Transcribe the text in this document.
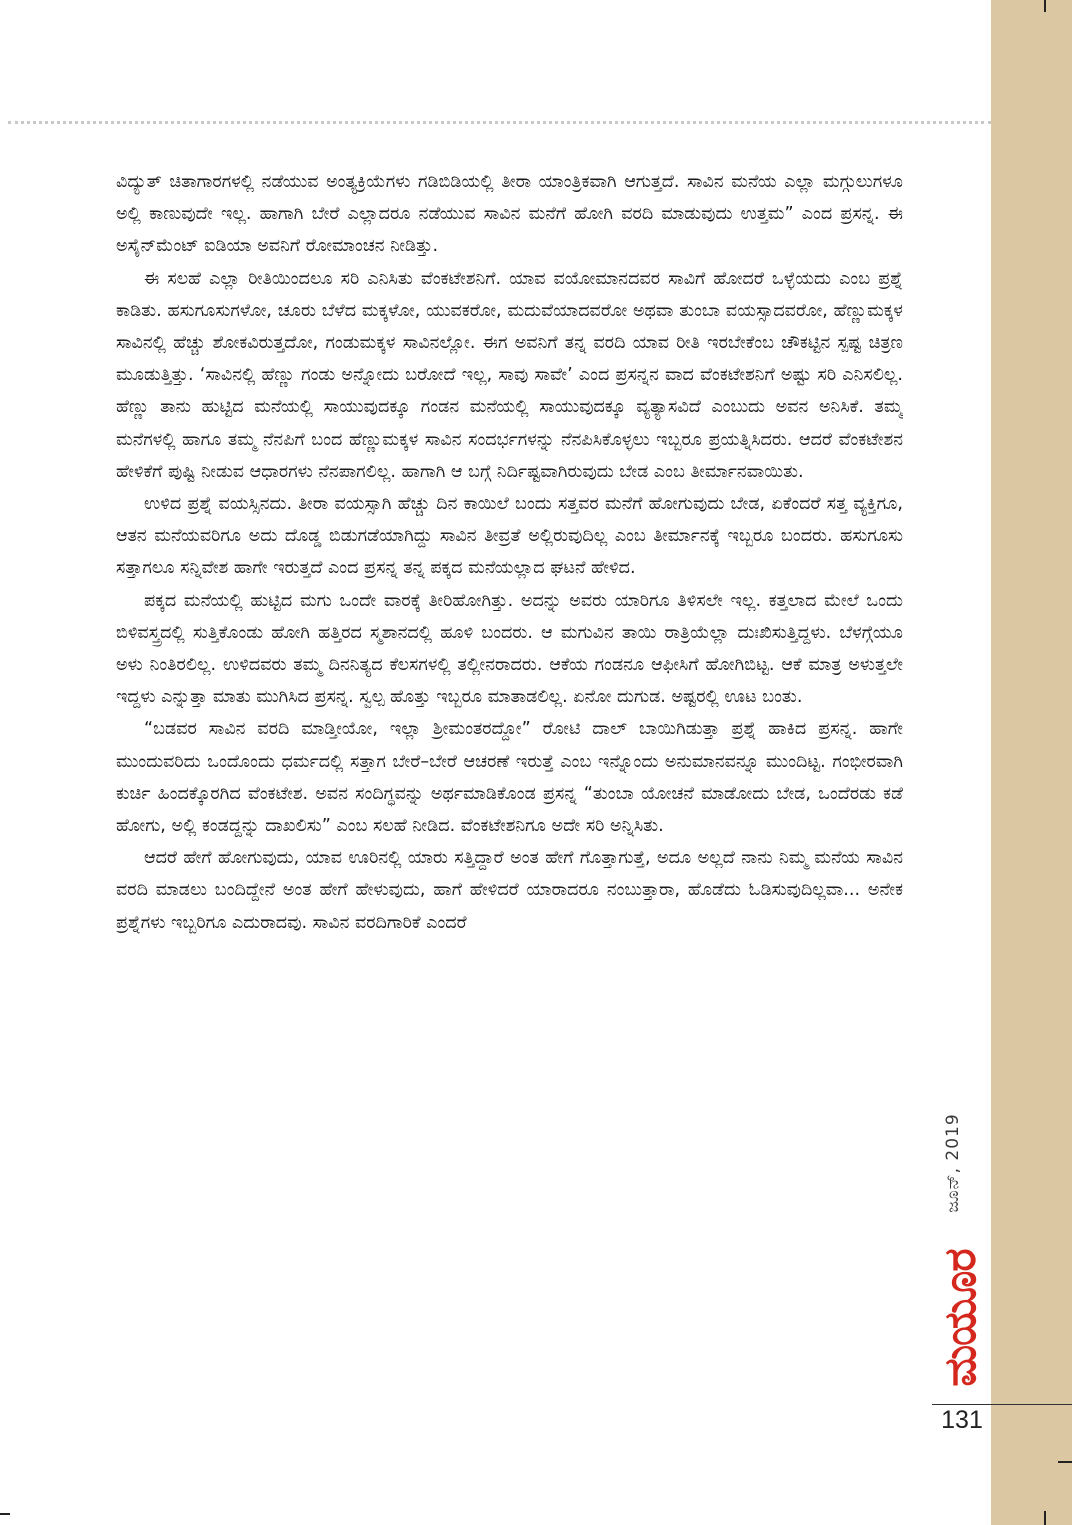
ವಿದ್ಯುತ್ ಚಿತಾಗಾರಗಳಲ್ಲಿ ನಡೆಯುವ ಅಂತ್ಯಕ್ರಿಯೆಗಳು ಗಡಿಬಿಡಿಯಲ್ಲಿ ತೀರಾ ಯಾಂತ್ರಿಕವಾಗಿ ಆಗುತ್ತದೆ. ಸಾವಿನ ಮನೆಯ ಎಲ್ಲಾ ಮಗ್ಗುಲುಗಳೂ ಅಲ್ಲಿ ಕಾಣುವುದೇ ಇಲ್ಲ. ಹಾಗಾಗಿ ಬೇರೆ ಎಲ್ಲಾದರೂ ನಡೆಯುವ ಸಾವಿನ ಮನೆಗೆ ಹೋಗಿ ವರದಿ ಮಾಡುವುದು ಉತ್ತಮ” ಎಂದ ಪ್ರಸನ್ನ. ಈ ಅಸೈನ್‌ಮೆಂಟ್ ಐಡಿಯಾ ಅವನಿಗೆ ರೋಮಾಂಚನ ನೀಡಿತ್ತು.

ಈ ಸಲಹೆ ಎಲ್ಲಾ ರೀತಿಯಿಂದಲೂ ಸರಿ ಎನಿಸಿತು ವೆಂಕಟೇಶನಿಗೆ. ಯಾವ ವಯೋಮಾನದವರ ಸಾವಿಗೆ ಹೋದರೆ ಒಳ್ಳೆಯದು ಎಂಬ ಪ್ರಶ್ನೆ ಕಾಡಿತು. ಹಸುಗೂಸುಗಳೋ, ಚೂರು ಬೆಳೆದ ಮಕ್ಕಳೋ, ಯುವಕರೋ, ಮದುವೆಯಾದವರೋ ಅಥವಾ ತುಂಬಾ ವಯಸ್ಸಾದವರೋ, ಹೆಣ್ಣುಮಕ್ಕಳ ಸಾವಿನಲ್ಲಿ ಹೆಚ್ಚು ಶೋಕವಿರುತ್ತದೋ, ಗಂಡುಮಕ್ಕಳ ಸಾವಿನಲ್ಲೋ. ಈಗ ಅವನಿಗೆ ತನ್ನ ವರದಿ ಯಾವ ರೀತಿ ಇರಬೇಕೆಂಬ ಚೌಕಟ್ಟಿನ ಸ್ಪಷ್ಟ ಚಿತ್ರಣ ಮೂಡುತ್ತಿತ್ತು. ‘ಸಾವಿನಲ್ಲಿ ಹೆಣ್ಣು ಗಂಡು ಅನ್ನೋದು ಬರೋದೆ ಇಲ್ಲ, ಸಾವು ಸಾವೇ’ ಎಂದ ಪ್ರಸನ್ನನ ವಾದ ವೆಂಕಟೇಶನಿಗೆ ಅಷ್ಟು ಸರಿ ಎನಿಸಲಿಲ್ಲ. ಹೆಣ್ಣು ತಾನು ಹುಟ್ಟಿದ ಮನೆಯಲ್ಲಿ ಸಾಯುವುದಕ್ಕೂ ಗಂಡನ ಮನೆಯಲ್ಲಿ ಸಾಯುವುದಕ್ಕೂ ವ್ಯತ್ಯಾಸವಿದೆ ಎಂಬುದು ಅವನ ಅನಿಸಿಕೆ. ತಮ್ಮ ಮನೆಗಳಲ್ಲಿ ಹಾಗೂ ತಮ್ಮ ನೆನಪಿಗೆ ಬಂದ ಹೆಣ್ಣುಮಕ್ಕಳ ಸಾವಿನ ಸಂದರ್ಭಗಳನ್ನು ನೆನಪಿಸಿಕೊಳ್ಳಲು ಇಬ್ಬರೂ ಪ್ರಯತ್ನಿಸಿದರು. ಆದರೆ ವೆಂಕಟೇಶನ ಹೇಳಿಕೆಗೆ ಪುಷ್ಟಿ ನೀಡುವ ಆಧಾರಗಳು ನೆನಪಾಗಲಿಲ್ಲ. ಹಾಗಾಗಿ ಆ ಬಗ್ಗೆ ನಿರ್ದಿಷ್ಟವಾಗಿರುವುದು ಬೇಡ ಎಂಬ ತೀರ್ಮಾನವಾಯಿತು.

ಉಳಿದ ಪ್ರಶ್ನೆ ವಯಸ್ಸಿನದು. ತೀರಾ ವಯಸ್ಸಾಗಿ ಹೆಚ್ಚು ದಿನ ಕಾಯಿಲೆ ಬಂದು ಸತ್ತವರ ಮನೆಗೆ ಹೋಗುವುದು ಬೇಡ, ಏಕೆಂದರೆ ಸತ್ತ ವ್ಯಕ್ತಿಗೂ, ಆತನ ಮನೆಯವರಿಗೂ ಅದು ದೊಡ್ಡ ಬಿಡುಗಡೆಯಾಗಿದ್ದು ಸಾವಿನ ತೀವ್ರತೆ ಅಲ್ಲಿರುವುದಿಲ್ಲ ಎಂಬ ತೀರ್ಮಾನಕ್ಕೆ ಇಬ್ಬರೂ ಬಂದರು. ಹಸುಗೂಸು ಸತ್ತಾಗಲೂ ಸನ್ನಿವೇಶ ಹಾಗೇ ಇರುತ್ತದೆ ಎಂದ ಪ್ರಸನ್ನ ತನ್ನ ಪಕ್ಕದ ಮನೆಯಲ್ಲಾದ ಘಟನೆ ಹೇಳಿದ.

ಪಕ್ಕದ ಮನೆಯಲ್ಲಿ ಹುಟ್ಟಿದ ಮಗು ಒಂದೇ ವಾರಕ್ಕೆ ತೀರಿಹೋಗಿತ್ತು. ಅದನ್ನು ಅವರು ಯಾರಿಗೂ ತಿಳಿಸಲೇ ಇಲ್ಲ. ಕತ್ತಲಾದ ಮೇಲೆ ಒಂದು ಬಿಳಿವಸ್ತ್ರದಲ್ಲಿ ಸುತ್ತಿಕೊಂಡು ಹೋಗಿ ಹತ್ತಿರದ ಸ್ಮಶಾನದಲ್ಲಿ ಹೂಳಿ ಬಂದರು. ಆ ಮಗುವಿನ ತಾಯಿ ರಾತ್ರಿಯೆಲ್ಲಾ ದುಃಖಿಸುತ್ತಿದ್ದಳು. ಬೆಳಗ್ಗೆಯೂ ಅಳು ನಿಂತಿರಲಿಲ್ಲ. ಉಳಿದವರು ತಮ್ಮ ದಿನನಿತ್ಯದ ಕೆಲಸಗಳಲ್ಲಿ ತಲ್ಲೀನರಾದರು. ಆಕೆಯ ಗಂಡನೂ ಆಫೀಸಿಗೆ ಹೋಗಿಬಿಟ್ಟ. ಆಕೆ ಮಾತ್ರ ಅಳುತ್ತಲೇ ಇದ್ದಳು ಎನ್ನುತ್ತಾ ಮಾತು ಮುಗಿಸಿದ ಪ್ರಸನ್ನ. ಸ್ವಲ್ಪ ಹೊತ್ತು ಇಬ್ಬರೂ ಮಾತಾಡಲಿಲ್ಲ. ಏನೋ ದುಗುಡ. ಅಷ್ಟರಲ್ಲಿ ಊಟ ಬಂತು.

“ಬಡವರ ಸಾವಿನ ವರದಿ ಮಾಡ್ತೀಯೋ, ಇಲ್ಲಾ ಶ್ರೀಮಂತರದ್ದೋ” ರೋಟಿ ದಾಲ್ ಬಾಯಿಗಿಡುತ್ತಾ ಪ್ರಶ್ನೆ ಹಾಕಿದ ಪ್ರಸನ್ನ. ಹಾಗೇ ಮುಂದುವರಿದು ಒಂದೊಂದು ಧರ್ಮದಲ್ಲಿ ಸತ್ತಾಗ ಬೇರೆ–ಬೇರೆ ಆಚರಣೆ ಇರುತ್ತೆ ಎಂಬ ಇನ್ನೊಂದು ಅನುಮಾನವನ್ನೂ ಮುಂದಿಟ್ಟ. ಗಂಭೀರವಾಗಿ ಕುರ್ಚಿ ಹಿಂದಕ್ಕೊರಗಿದ ವೆಂಕಟೇಶ. ಅವನ ಸಂದಿಗ್ಧವನ್ನು ಅರ್ಥಮಾಡಿಕೊಂಡ ಪ್ರಸನ್ನ “ತುಂಬಾ ಯೋಚನೆ ಮಾಡೋದು ಬೇಡ, ಒಂದೆರಡು ಕಡೆ ಹೋಗು, ಅಲ್ಲಿ ಕಂಡದ್ದನ್ನು ದಾಖಲಿಸು” ಎಂಬ ಸಲಹೆ ನೀಡಿದ. ವೆಂಕಟೇಶನಿಗೂ ಅದೇ ಸರಿ ಅನ್ನಿಸಿತು.

ಆದರೆ ಹೇಗೆ ಹೋಗುವುದು, ಯಾವ ಊರಿನಲ್ಲಿ ಯಾರು ಸತ್ತಿದ್ದಾರೆ ಅಂತ ಹೇಗೆ ಗೊತ್ತಾಗುತ್ತೆ, ಅದೂ ಅಲ್ಲದೆ ನಾನು ನಿಮ್ಮ ಮನೆಯ ಸಾವಿನ ವರದಿ ಮಾಡಲು ಬಂದಿದ್ದೇನೆ ಅಂತ ಹೇಗೆ ಹೇಳುವುದು, ಹಾಗೆ ಹೇಳಿದರೆ ಯಾರಾದರೂ ನಂಬುತ್ತಾರಾ, ಹೊಡೆದು ಓಡಿಸುವುದಿಲ್ಲವಾ... ಅನೇಕ ಪ್ರಶ್ನೆಗಳು ಇಬ್ಬರಿಗೂ ಎದುರಾದವು. ಸಾವಿನ ವರದಿಗಾರಿಕೆ ಎಂದರೆ

ಜೂನ್, 2019
ಮಯೂರ
131
